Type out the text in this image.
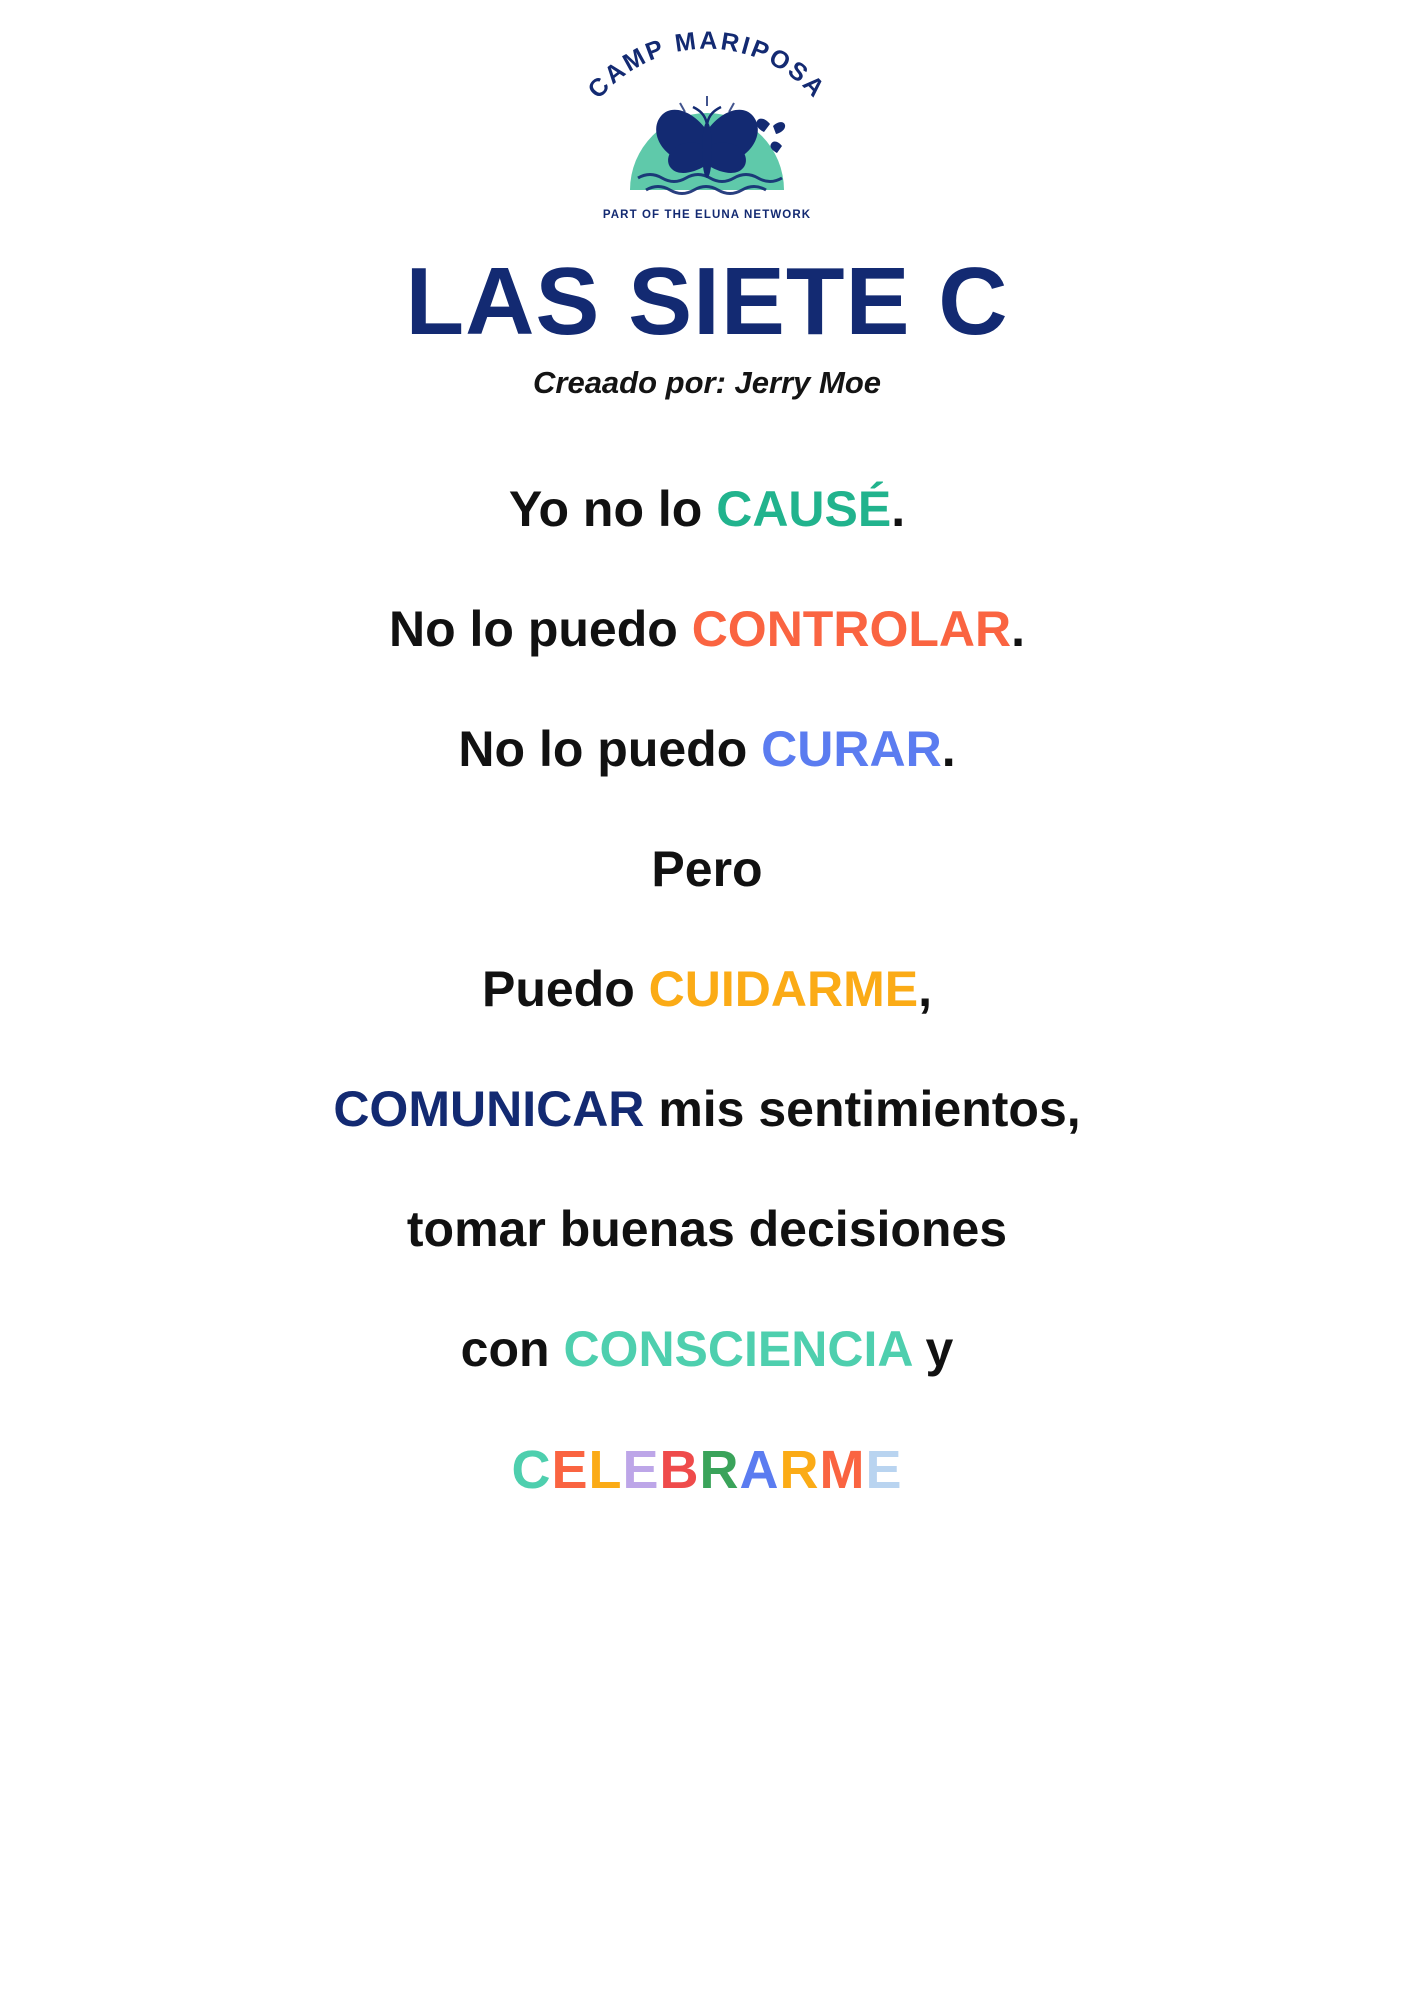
CAMP MARIPOSA
PART OF THE ELUNA NETWORK
LAS SIETE C
Creaado por: Jerry Moe
Yo no lo CAUSÉ.
No lo puedo CONTROLAR.
No lo puedo CURAR.
Pero
Puedo CUIDARME,
COMUNICAR mis sentimientos,
tomar buenas decisiones
con CONSCIENCIA y
CELEBRARME
